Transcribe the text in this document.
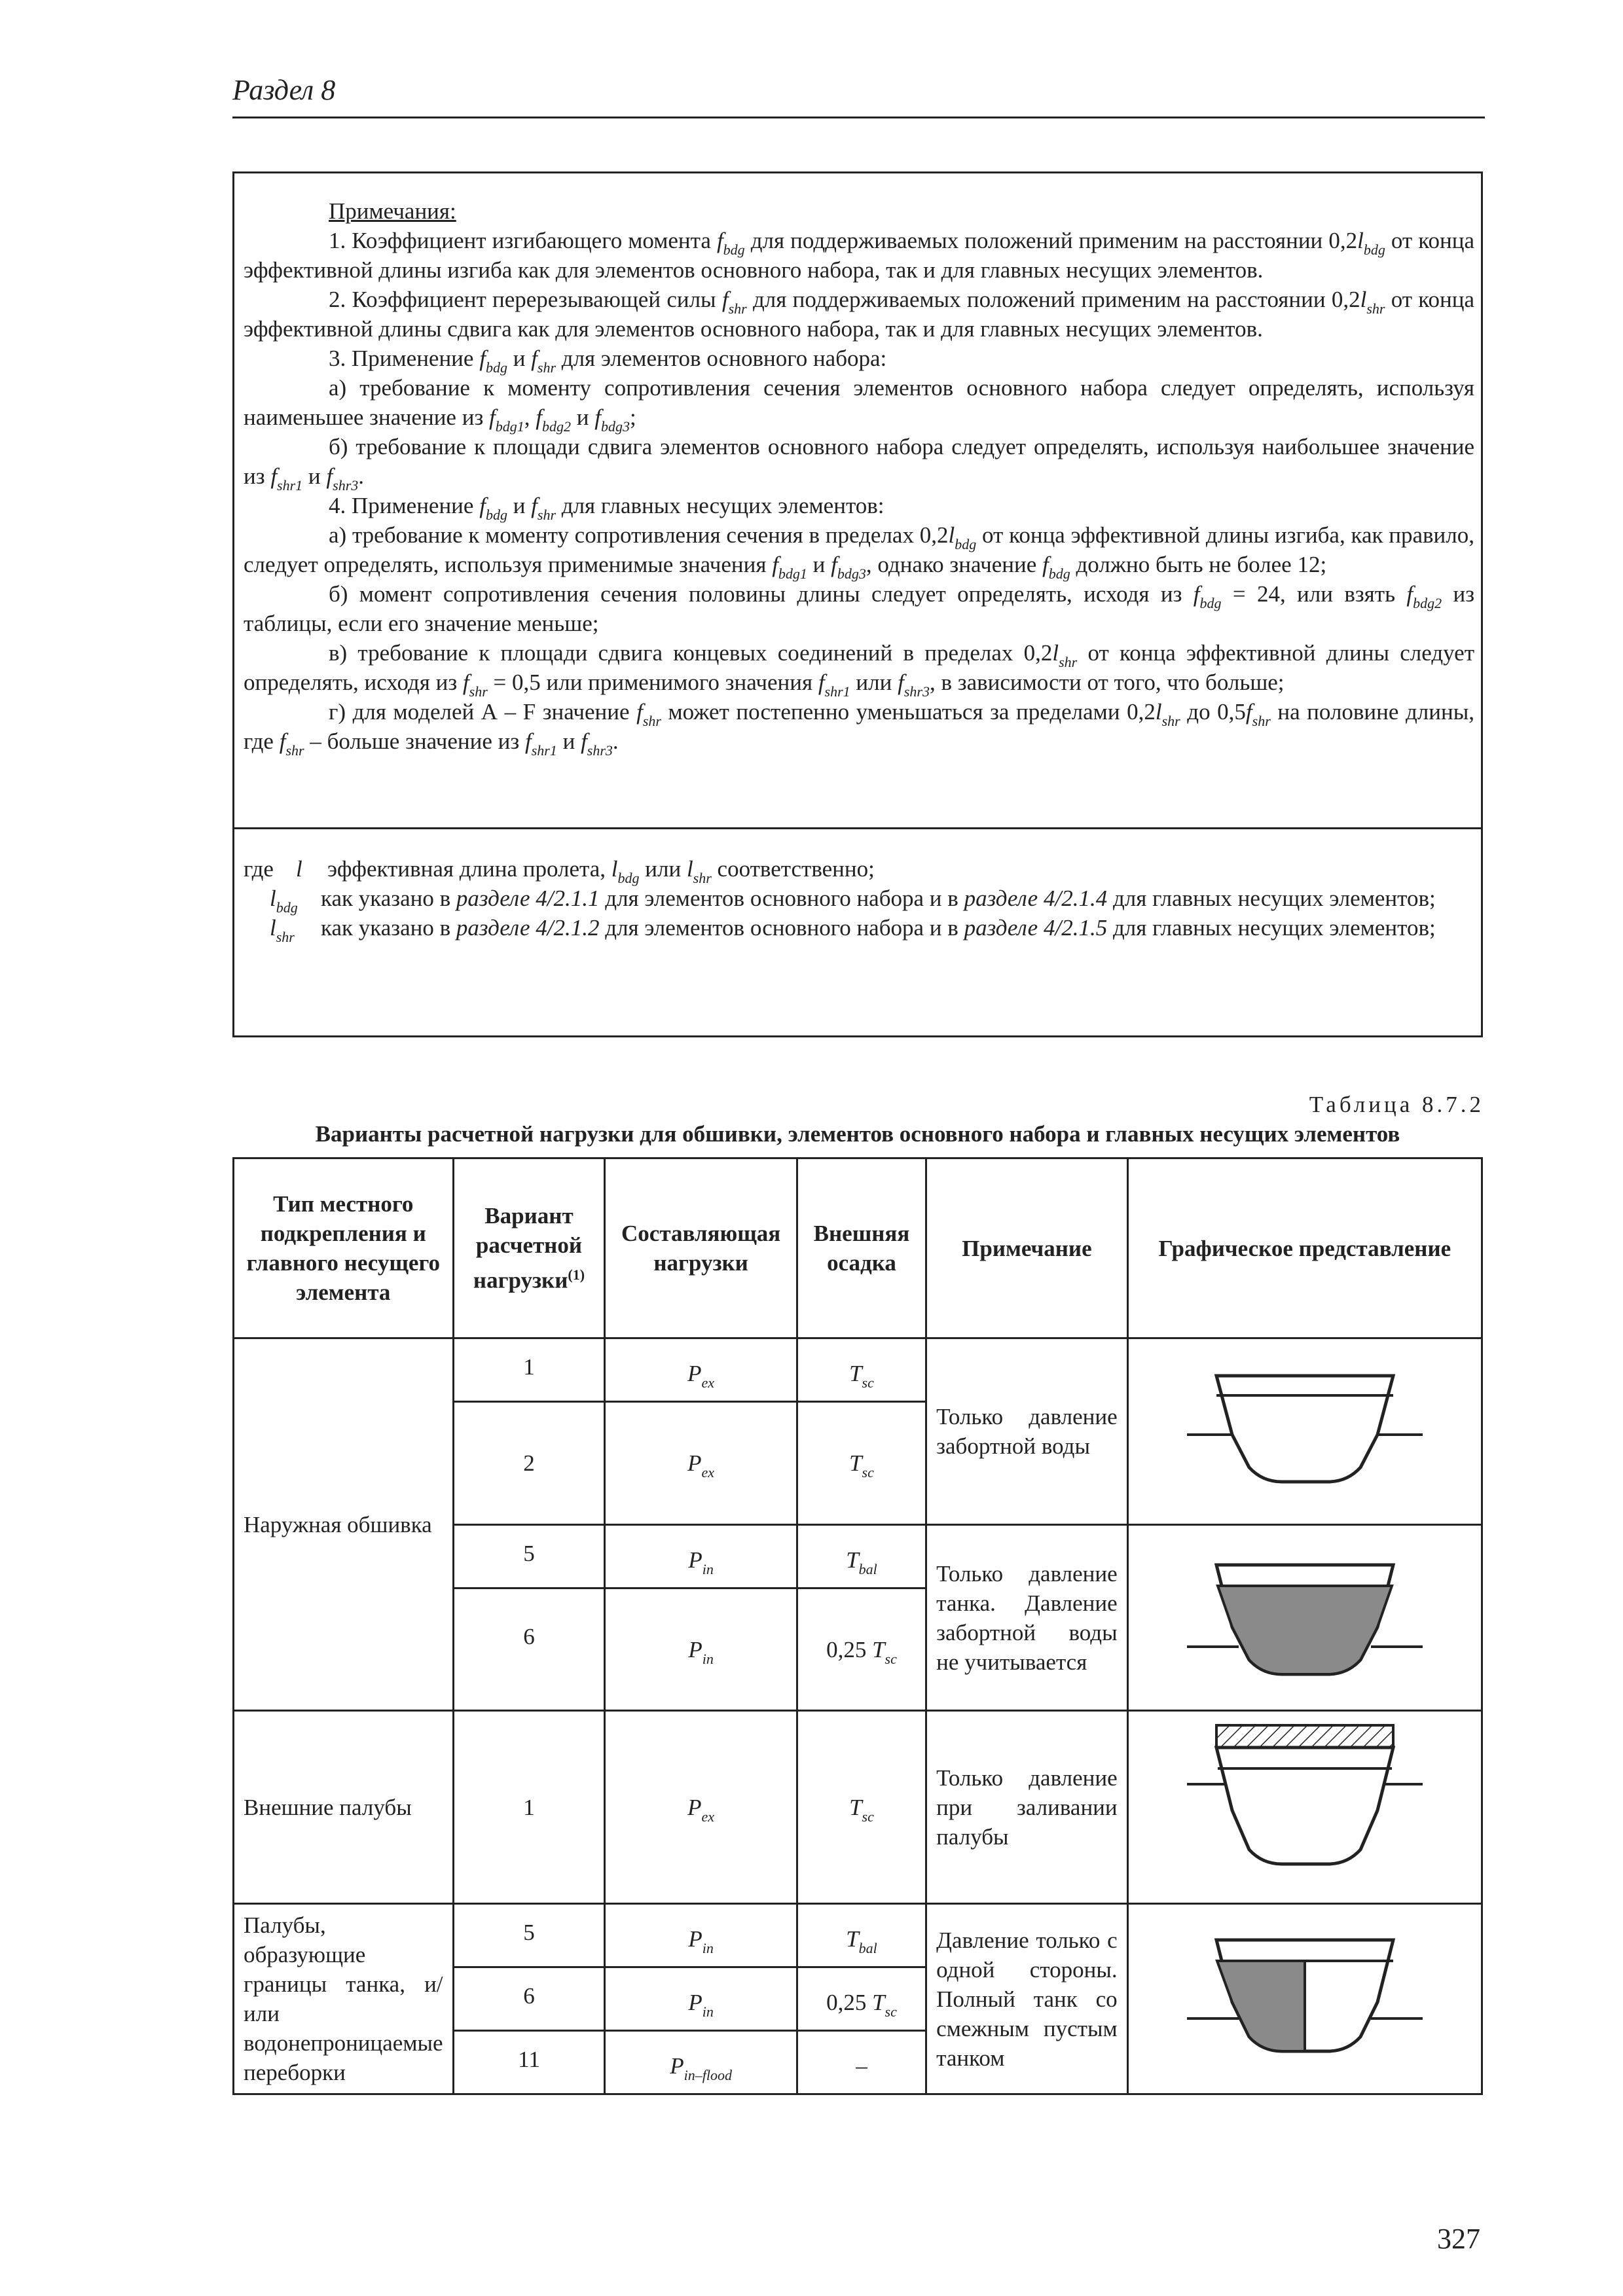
Раздел 8

Примечания:

1. Коэффициент изгибающего момента $f_{bdg}$ для поддерживаемых положений применим на расстоянии $0,2l_{bdg}$ от конца эффективной длины изгиба как для элементов основного набора, так и для главных несущих элементов.

2. Коэффициент перерезывающей силы $f_{shr}$ для поддерживаемых положений применим на расстоянии $0,2l_{shr}$ от конца эффективной длины сдвига как для элементов основного набора, так и для главных несущих элементов.

3. Применение $f_{bdg}$ и $f_{shr}$ для элементов основного набора:

а) требование к моменту сопротивления сечения элементов основного набора следует определять, используя наименьшее значение из $f_{bdg1}$, $f_{bdg2}$ и $f_{bdg3}$;

б) требование к площади сдвига элементов основного набора следует определять, используя наибольшее значение из $f_{shr1}$ и $f_{shr3}$.

4. Применение $f_{bdg}$ и $f_{shr}$ для главных несущих элементов:

а) требование к моменту сопротивления сечения в пределах $0,2l_{bdg}$ от конца эффективной длины изгиба, как правило, следует определять, используя применимые значения $f_{bdg1}$ и $f_{bdg3}$, однако значение $f_{bdg}$ должно быть не более 12;

б) момент сопротивления сечения половины длины следует определять, исходя из $f_{bdg} = 24$, или взять $f_{bdg2}$ из таблицы, если его значение меньше;

в) требование к площади сдвига концевых соединений в пределах $0,2l_{shr}$ от конца эффективной длины следует определять, исходя из $f_{shr} = 0,5$ или применимого значения $f_{shr1}$ или $f_{shr3}$, в зависимости от того, что больше;

г) для моделей А – F значение $f_{shr}$ может постепенно уменьшаться за пределами $0,2l_{shr}$ до $0,5f_{shr}$ на половине длины, где $f_{shr}$ – больше значение из $f_{shr1}$ и $f_{shr3}$.

где l	эффективная длина пролета, $l_{bdg}$ или $l_{shr}$ соответственно;
$l_{bdg}$	как указано в разделе 4/2.1.1 для элементов основного набора и в разделе 4/2.1.4 для главных несущих элементов;
$l_{shr}$	как указано в разделе 4/2.1.2 для элементов основного набора и в разделе 4/2.1.5 для главных несущих элементов;
Таблица 8.7.2
Варианты расчетной нагрузки для обшивки, элементов основного набора и главных несущих элементов
Тип местного подкрепления и главного несущего элемента	Вариант расчетной нагрузки$^{(1)}$	Составляющая нагрузки	Внешняя осадка	Примечание	Графическое представление
Наружная обшивка	1	$P_{ex}$	$T_{sc}$	Только давление забортной воды	
	2	$P_{ex}$	$T_{sc}$
	5	$P_{in}$	$T_{bal}$	Только давление танка. Давление забортной воды не учитывается	
	6	$P_{in}$	0,25 $T_{sc}$
Внешние палубы	1	$P_{ex}$	$T_{sc}$	Только давление при заливании палубы	
Палубы, образующие границы танка, и/или водонепроницаемые переборки	5	$P_{in}$	$T_{bal}$	Давление только с одной стороны. Полный танк со смежным пустым танком	
	6	$P_{in}$	0,25 $T_{sc}$
	11	$P_{in-flood}$	–		
327
